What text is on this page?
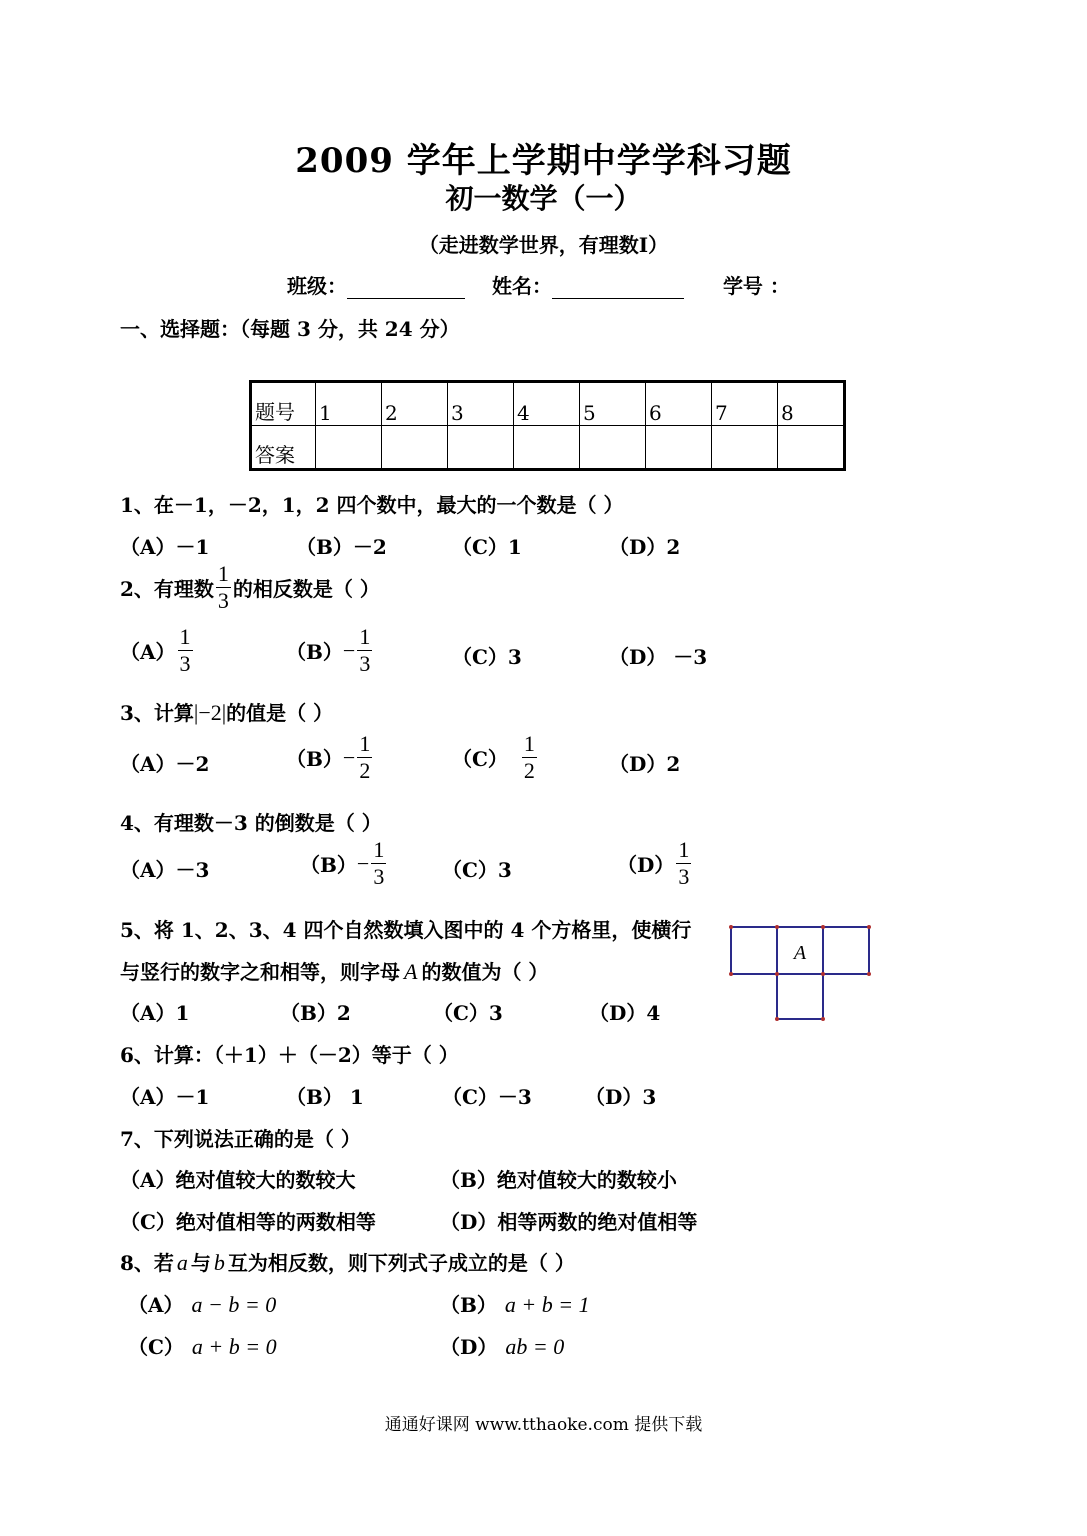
2009 学年上学期中学学科习题
初一数学（一）
（走进数学世界，有理数Ⅰ）
班级：	姓名：	学号 ：
一、选择题：（每题 3 分，共 24 分）
题号	1	2	3	4	5	6	7	8
答案								
1、在－1，－2，1，2 四个数中，最大的一个数是（ ）
（A）－1	（B）－2	（C）1	（D）2
2、有理数 $\frac{1}{3}$ 的相反数是（ ）
$(A) \frac{1}{3}$	$(B) - \frac{1}{3}$	（C）3	（D） －3
3、计算|−2|的值是（ ）
（A）－2	$(B) - \frac{1}{2}$	$(C) \frac{1}{2}$	（D）2
4、有理数－3 的倒数是（ ）
（A）－3	$(B) - \frac{1}{3}$	（C）3	$(D) \frac{1}{3}$
5、将 1、2、3、4 四个自然数填入图中的 4 个方格里，使横行
与竖行的数字之和相等，则字母 A 的数值为（ ）
（A）1	（B）2	（C）3	（D）4
A
6、计算：（＋1）＋（－2）等于（ ）
（A）－1	（B） 1	（C）－3	（D）3
7、下列说法正确的是（ ）
（A）绝对值较大的数较大	（B）绝对值较大的数较小
（C）绝对值相等的两数相等	（D）相等两数的绝对值相等
8、若 a 与 b 互为相反数，则下列式子成立的是（ ）
（A） a − b = 0	（B） a + b = 1
（C） a + b = 0	（D） ab = 0
通通好课网 www.tthaoke.com 提供下载
